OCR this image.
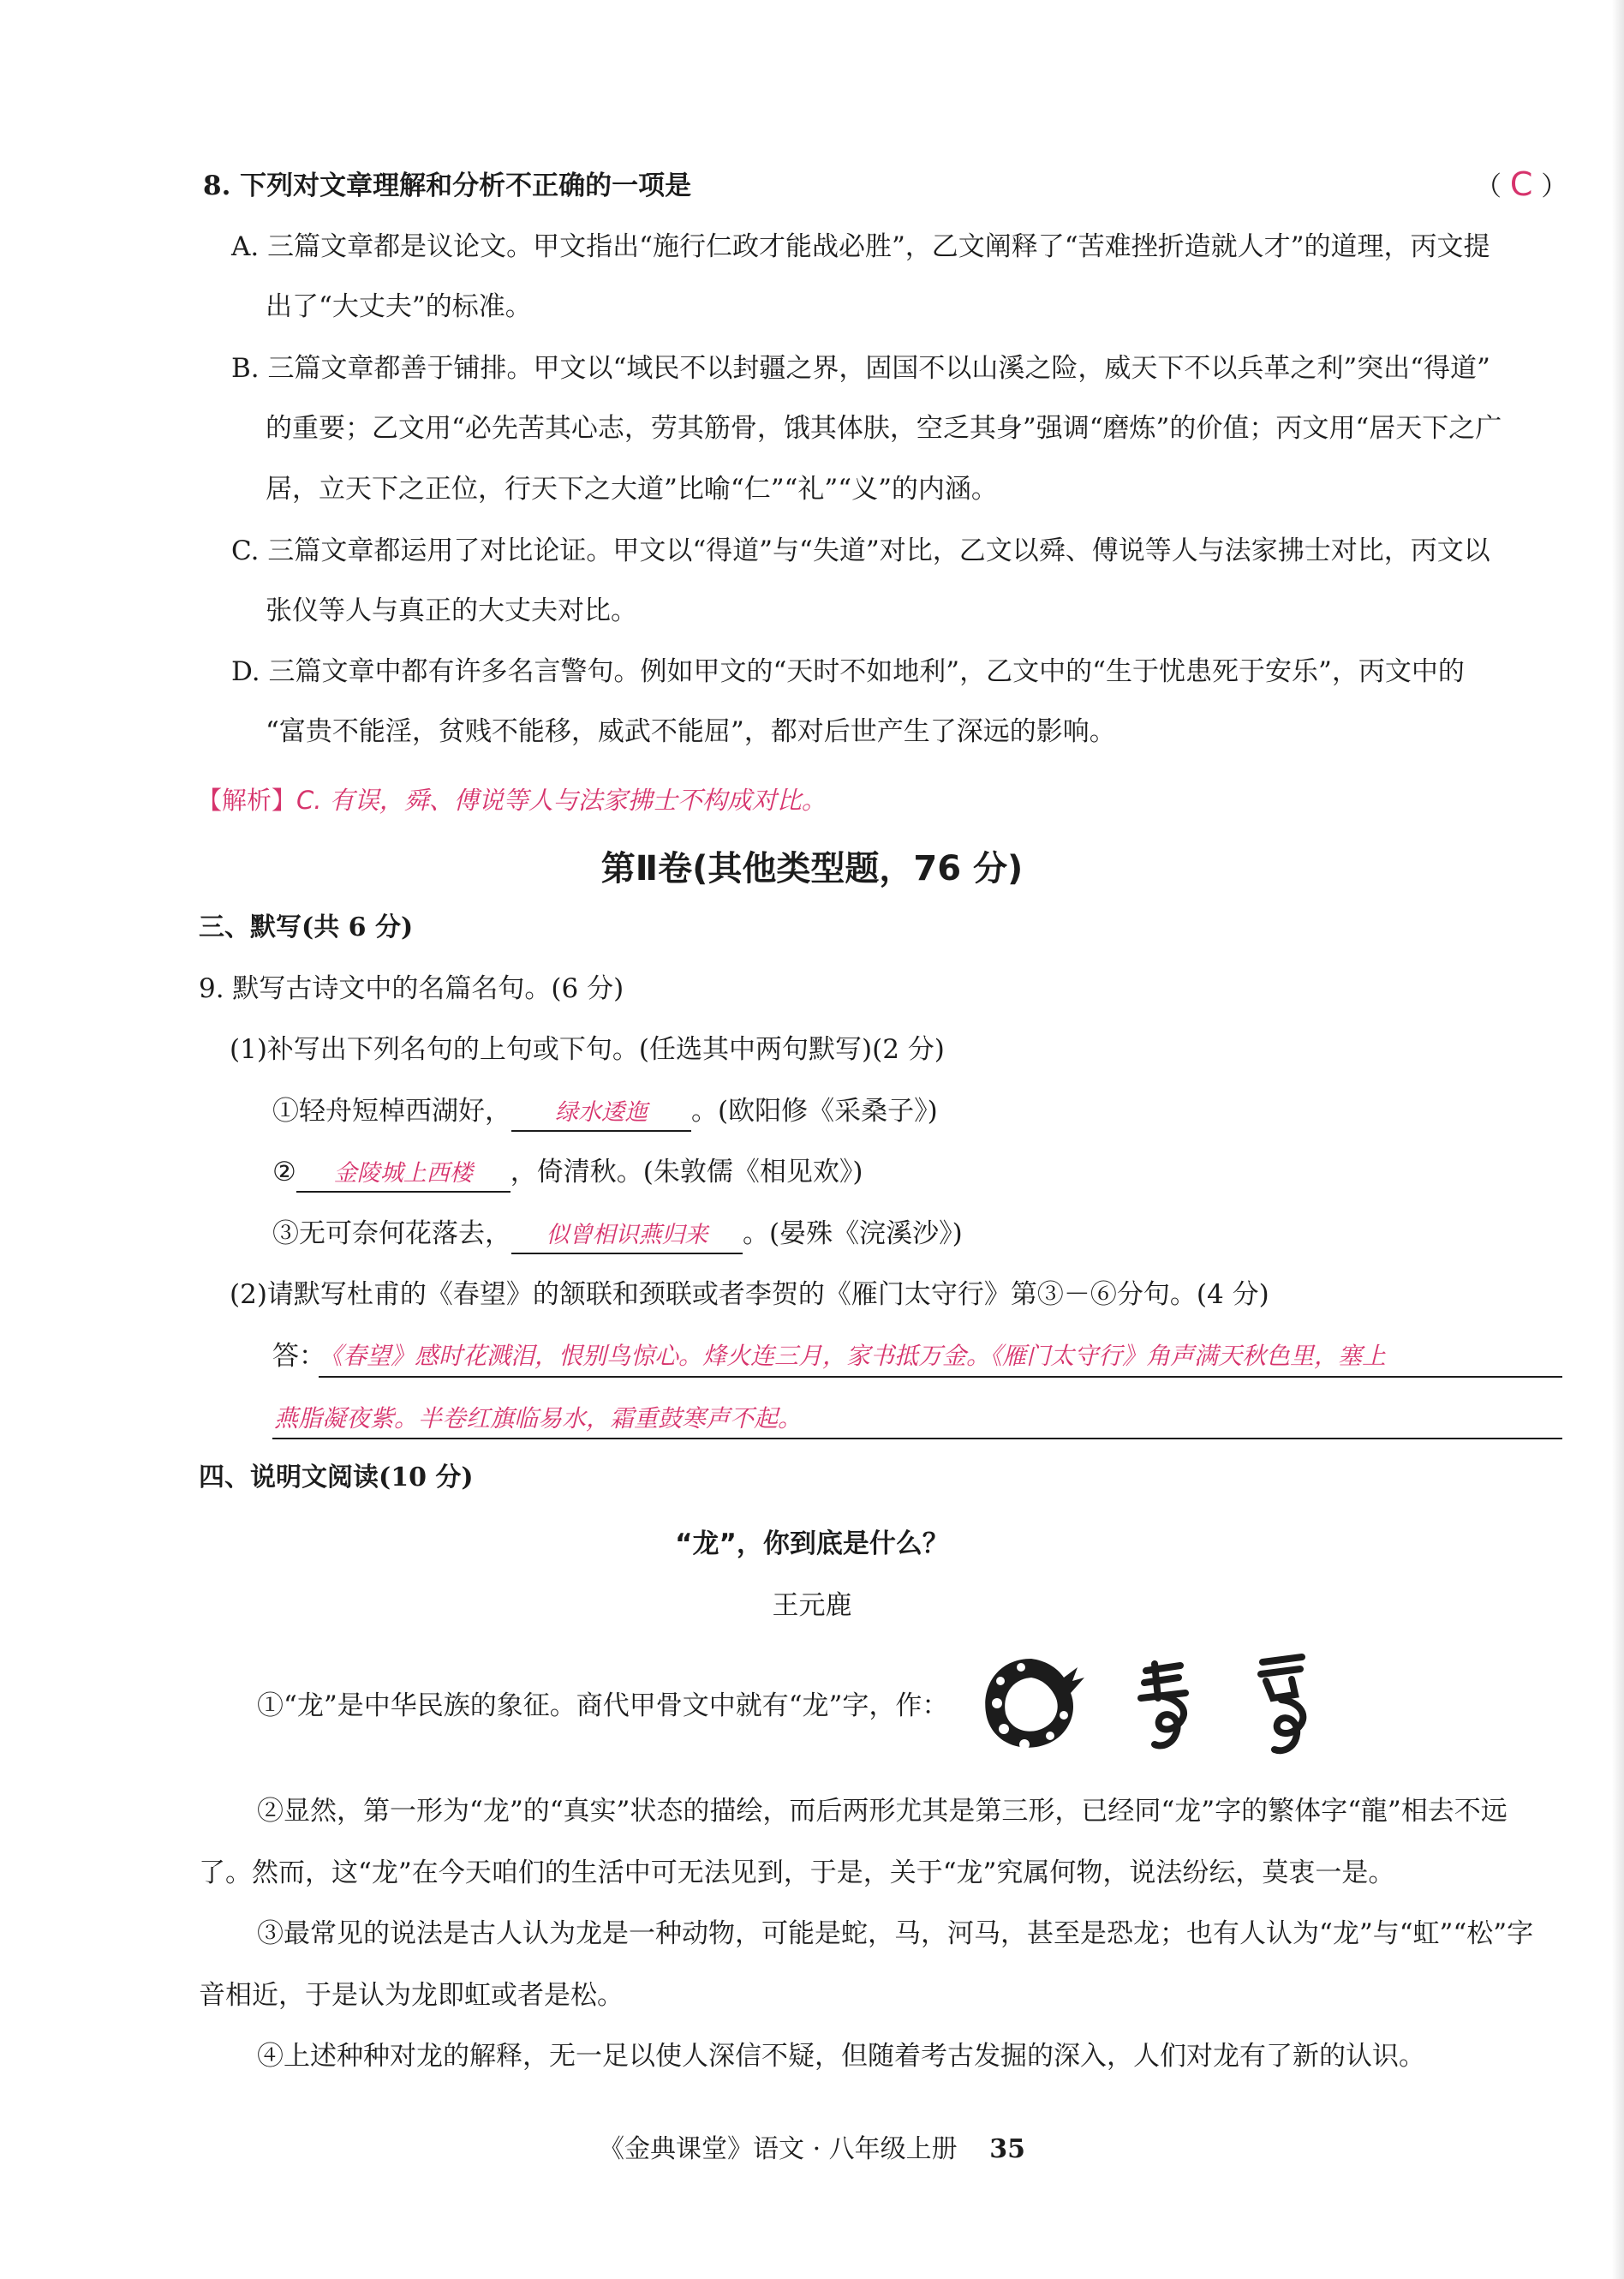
8. 下列对文章理解和分析不正确的一项是	（ C ）
A. 三篇文章都是议论文。甲文指出“施行仁政才能战必胜”，乙文阐释了“苦难挫折造就人才”的道理，丙文提
出了“大丈夫”的标准。
B. 三篇文章都善于铺排。甲文以“域民不以封疆之界，固国不以山溪之险，威天下不以兵革之利”突出“得道”
的重要；乙文用“必先苦其心志，劳其筋骨，饿其体肤，空乏其身”强调“磨炼”的价值；丙文用“居天下之广
居，立天下之正位，行天下之大道”比喻“仁”“礼”“义”的内涵。
C. 三篇文章都运用了对比论证。甲文以“得道”与“失道”对比，乙文以舜、傅说等人与法家拂士对比，丙文以
张仪等人与真正的大丈夫对比。
D. 三篇文章中都有许多名言警句。例如甲文的“天时不如地利”，乙文中的“生于忧患死于安乐”，丙文中的
“富贵不能淫，贫贱不能移，威武不能屈”，都对后世产生了深远的影响。
【解析】C. 有误，舜、傅说等人与法家拂士不构成对比。
第Ⅱ卷(其他类型题，76 分)
三、默写(共 6 分)
9. 默写古诗文中的名篇名句。(6 分)
(1)补写出下列名句的上句或下句。(任选其中两句默写)(2 分)
①轻舟短棹西湖好， 绿水逶迤 。(欧阳修《采桑子》)
② 金陵城上西楼 ，倚清秋。(朱敦儒《相见欢》)
③无可奈何花落去， 似曾相识燕归来 。(晏殊《浣溪沙》)
(2)请默写杜甫的《春望》的颔联和颈联或者李贺的《雁门太守行》第③－⑥分句。(4 分)
答：
《春望》感时花溅泪，恨别鸟惊心。烽火连三月，家书抵万金。《雁门太守行》角声满天秋色里，塞上
燕脂凝夜紫。半卷红旗临易水，霜重鼓寒声不起。
四、说明文阅读(10 分)
“龙”，你到底是什么？
王元鹿
①“龙”是中华民族的象征。商代甲骨文中就有“龙”字，作：
②显然，第一形为“龙”的“真实”状态的描绘，而后两形尤其是第三形，已经同“龙”字的繁体字“龍”相去不远
了。然而，这“龙”在今天咱们的生活中可无法见到，于是，关于“龙”究属何物，说法纷纭，莫衷一是。
③最常见的说法是古人认为龙是一种动物，可能是蛇，马，河马，甚至是恐龙；也有人认为“龙”与“虹”“松”字
音相近，于是认为龙即虹或者是松。
④上述种种对龙的解释，无一足以使人深信不疑，但随着考古发掘的深入，人们对龙有了新的认识。
《金典课堂》语文 · 八年级上册 35
